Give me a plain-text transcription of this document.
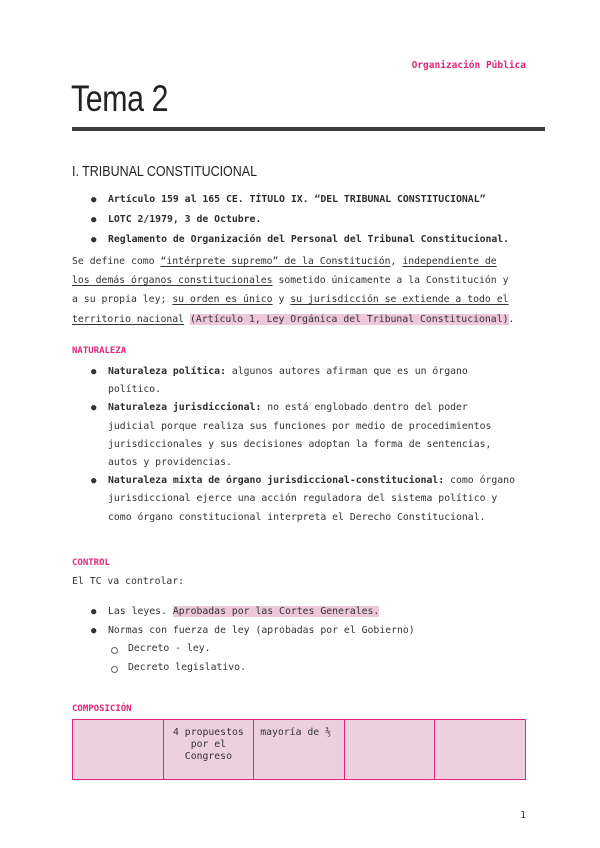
Organización Pública
Tema 2
I. TRIBUNAL CONSTITUCIONAL
● Artículo 159 al 165 CE. TÍTULO IX. “DEL TRIBUNAL CONSTITUCIONAL”
● LOTC 2/1979, 3 de Octubre.
● Reglamento de Organización del Personal del Tribunal Constitucional.

Se define como “intérprete supremo” de la Constitución, independiente de

los demás órganos constitucionales sometido únicamente a la Constitución y

a su propia ley; su orden es único y su jurisdicción se extiende a todo el

territorio nacional (Artículo 1, Ley Orgánica del Tribunal Constitucional).

NATURALEZA
● Naturaleza política: algunos autores afirman que es un órgano
político.
● Naturaleza jurisdiccional: no está englobado dentro del poder
judicial porque realiza sus funciones por medio de procedimientos
jurisdiccionales y sus decisiones adoptan la forma de sentencias,
autos y providencias.
● Naturaleza mixta de órgano jurisdiccional-constitucional: como órgano
jurisdiccional ejerce una acción reguladora del sistema político y
como órgano constitucional interpreta el Derecho Constitucional.
CONTROL
El TC va controlar:
● Las leyes. Aprobadas por las Cortes Generales.
● Normas con fuerza de ley (aprobadas por el Gobierno)
Decreto - ley.
Decreto legislativo.
COMPOSICIÓN
	4 propuestos por el Congreso	mayoría de ⅗		
1
